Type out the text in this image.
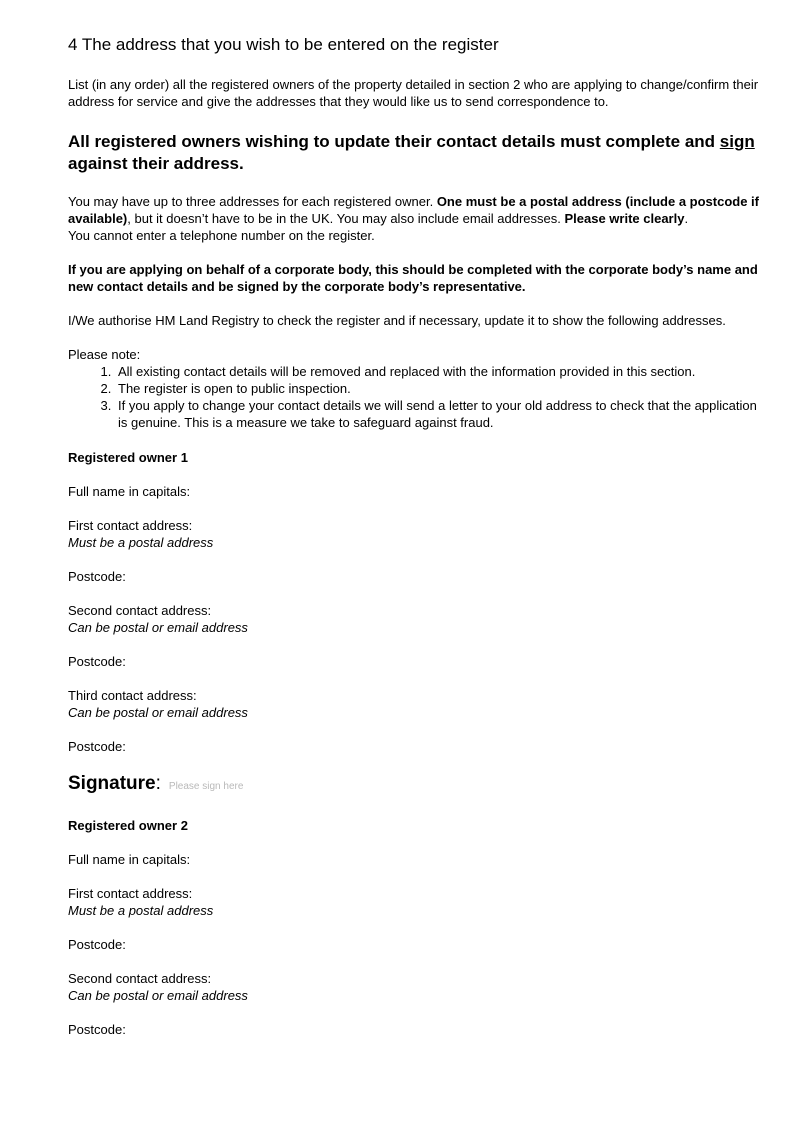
4 The address that you wish to be entered on the register

List (in any order) all the registered owners of the property detailed in section 2 who are applying to change/confirm their address for service and give the addresses that they would like us to send correspondence to.

All registered owners wishing to update their contact details must complete and sign against their address.

You may have up to three addresses for each registered owner. One must be a postal address (include a postcode if available), but it doesn’t have to be in the UK. You may also include email addresses. Please write clearly.
You cannot enter a telephone number on the register.

If you are applying on behalf of a corporate body, this should be completed with the corporate body’s name and new contact details and be signed by the corporate body’s representative.

I/We authorise HM Land Registry to check the register and if necessary, update it to show the following addresses.

Please note:
1. All existing contact details will be removed and replaced with the information provided in this section.
2. The register is open to public inspection.
3. If you apply to change your contact details we will send a letter to your old address to check that the application is genuine. This is a measure we take to safeguard against fraud.
Registered owner 1
Full name in capitals:
First contact address:
Must be a postal address
Postcode:
Second contact address:
Can be postal or email address
Postcode:
Third contact address:
Can be postal or email address
Postcode:
Signature: Please sign here
Registered owner 2
Full name in capitals:
First contact address:
Must be a postal address
Postcode:
Second contact address:
Can be postal or email address
Postcode:
